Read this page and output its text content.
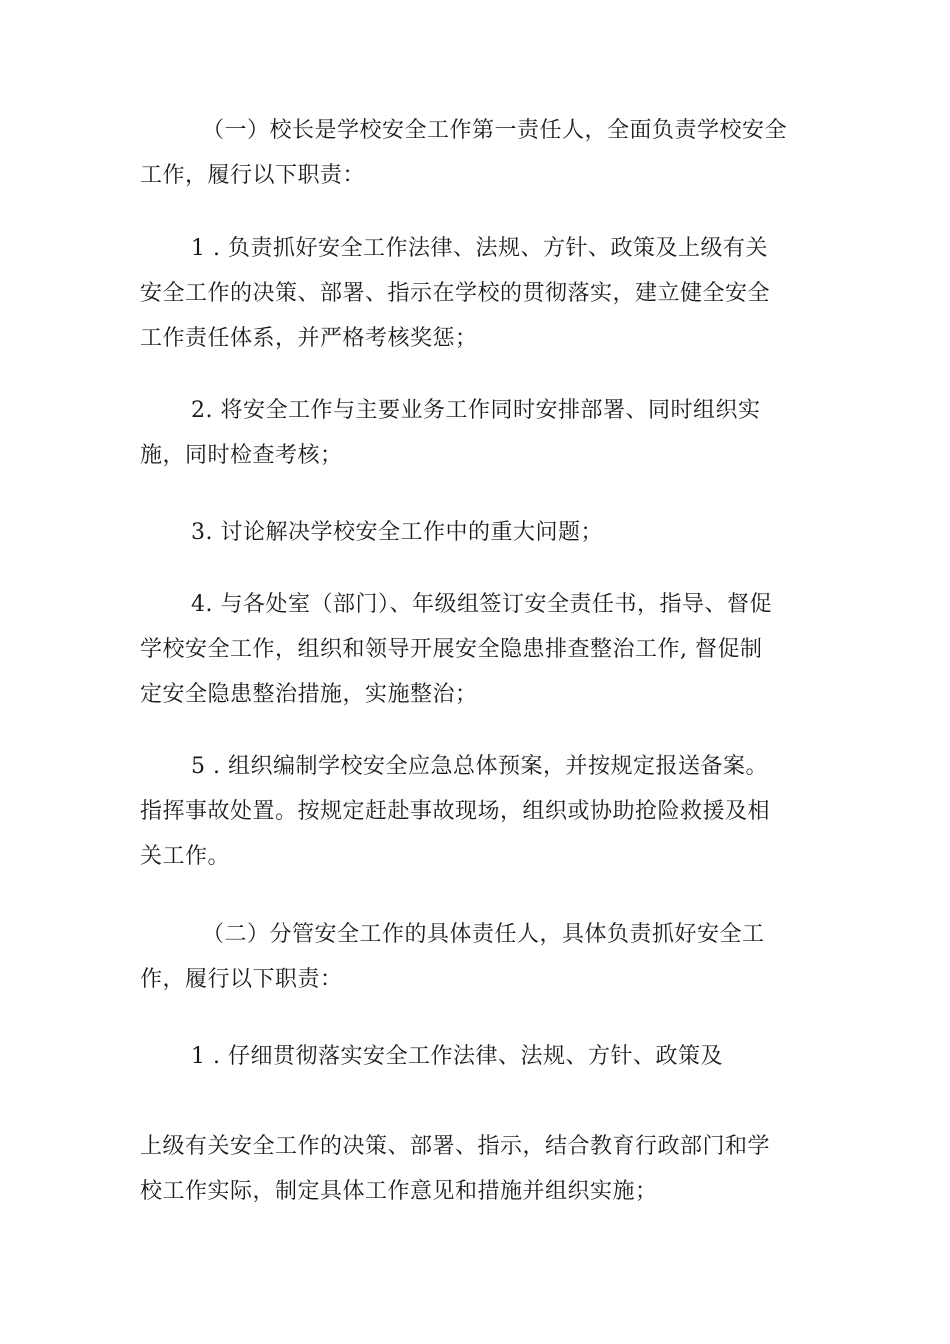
（一）校长是学校安全工作第一责任人，全面负责学校安全
工作，履行以下职责：
1 . 负责抓好安全工作法律、法规、方针、政策及上级有关
安全工作的决策、部署、指示在学校的贯彻落实，建立健全安全
工作责任体系，并严格考核奖惩；
2. 将安全工作与主要业务工作同时安排部署、同时组织实
施，同时检查考核；
3. 讨论解决学校安全工作中的重大问题；
4. 与各处室（部门）、年级组签订安全责任书，指导、督促
学校安全工作，组织和领导开展安全隐患排查整治工作, 督促制
定安全隐患整治措施，实施整治；
5 . 组织编制学校安全应急总体预案，并按规定报送备案。
指挥事故处置。按规定赶赴事故现场，组织或协助抢险救援及相
关工作。
（二）分管安全工作的具体责任人，具体负责抓好安全工
作，履行以下职责：
1 . 仔细贯彻落实安全工作法律、法规、方针、政策及
上级有关安全工作的决策、部署、指示，结合教育行政部门和学
校工作实际，制定具体工作意见和措施并组织实施；
